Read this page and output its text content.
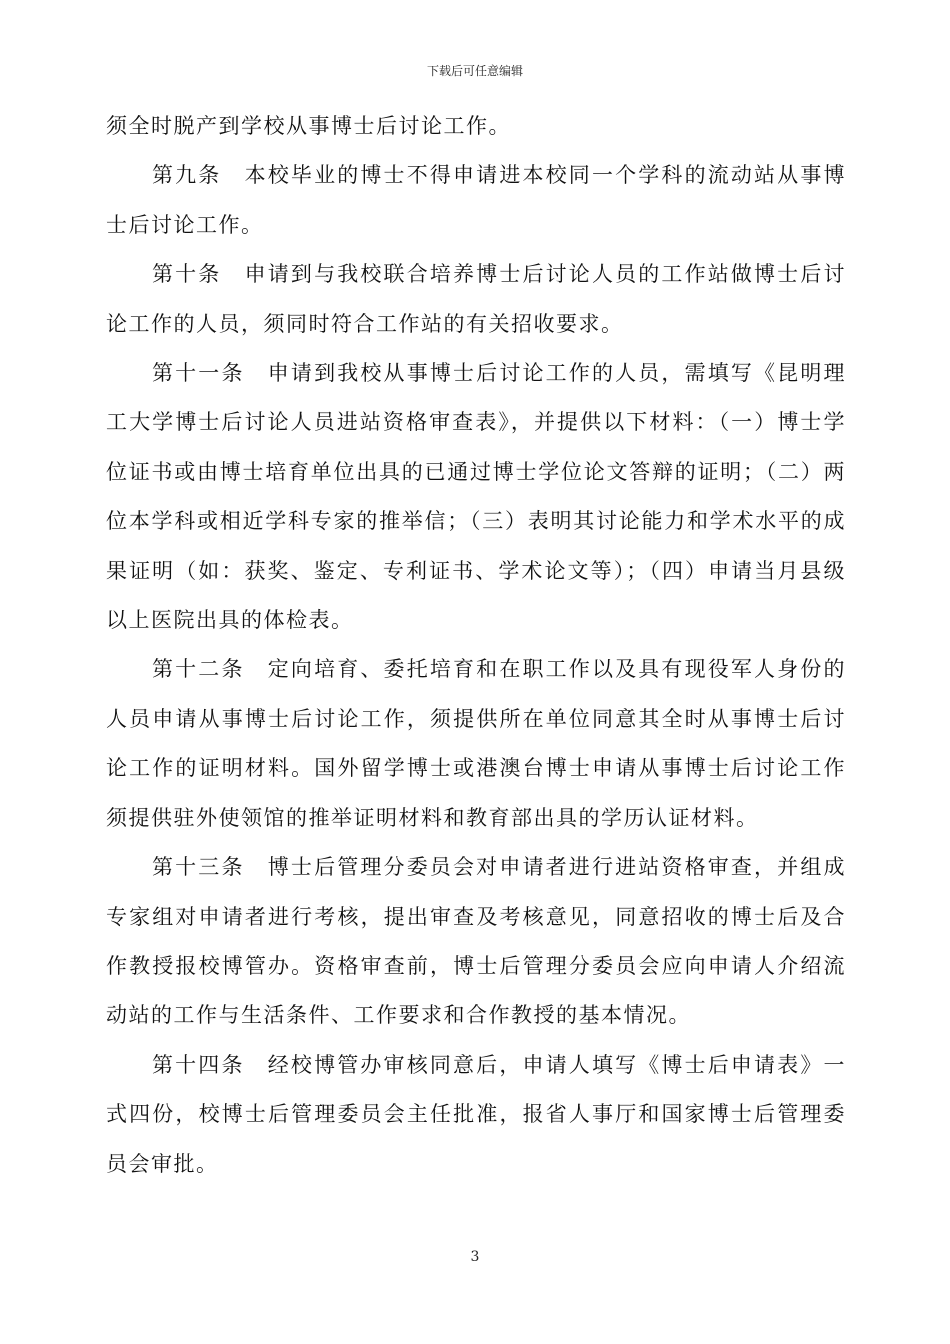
下载后可任意编辑

须全时脱产到学校从事博士后讨论工作。

第九条　本校毕业的博士不得申请进本校同一个学科的流动站从事博士后讨论工作。

第十条　申请到与我校联合培养博士后讨论人员的工作站做博士后讨论工作的人员，须同时符合工作站的有关招收要求。

第十一条　申请到我校从事博士后讨论工作的人员，需填写《昆明理工大学博士后讨论人员进站资格审查表》，并提供以下材料：（一）博士学位证书或由博士培育单位出具的已通过博士学位论文答辩的证明；（二）两位本学科或相近学科专家的推举信；（三）表明其讨论能力和学术水平的成果证明（如：获奖、鉴定、专利证书、学术论文等）；（四）申请当月县级以上医院出具的体检表。

第十二条　定向培育、委托培育和在职工作以及具有现役军人身份的人员申请从事博士后讨论工作，须提供所在单位同意其全时从事博士后讨论工作的证明材料。国外留学博士或港澳台博士申请从事博士后讨论工作须提供驻外使领馆的推举证明材料和教育部出具的学历认证材料。

第十三条　博士后管理分委员会对申请者进行进站资格审查，并组成专家组对申请者进行考核，提出审查及考核意见，同意招收的博士后及合作教授报校博管办。资格审查前，博士后管理分委员会应向申请人介绍流动站的工作与生活条件、工作要求和合作教授的基本情况。

第十四条　经校博管办审核同意后，申请人填写《博士后申请表》一式四份，校博士后管理委员会主任批准，报省人事厅和国家博士后管理委员会审批。

3
